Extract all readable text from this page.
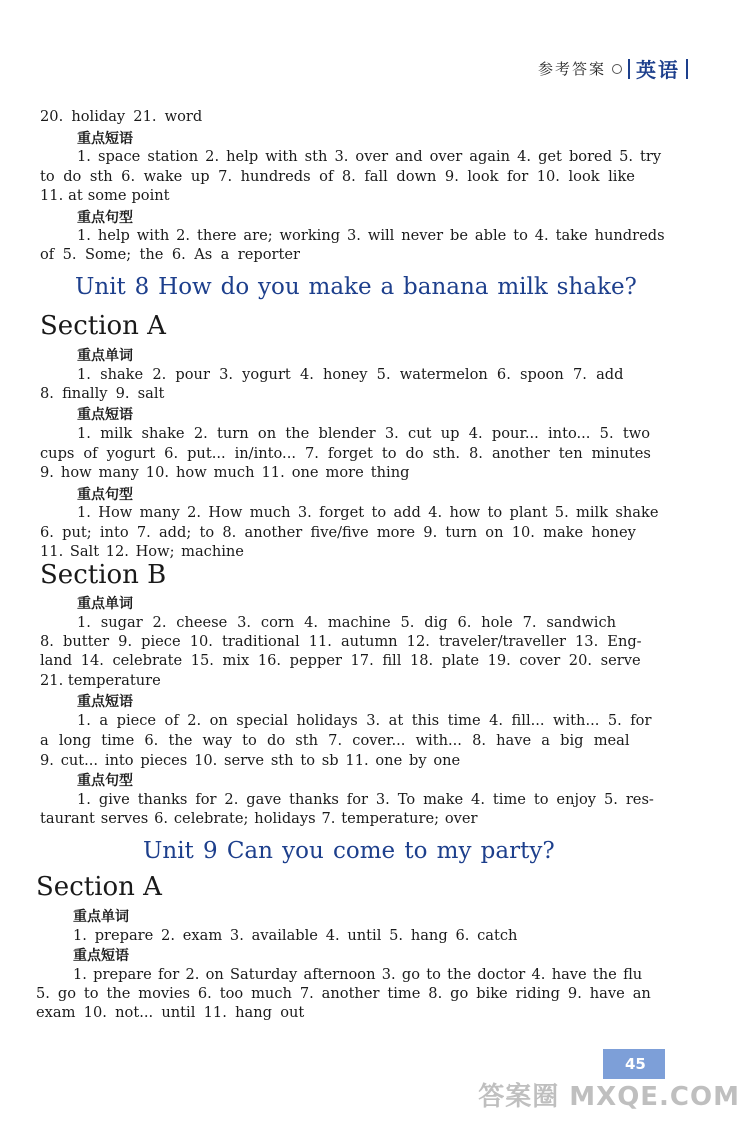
参考答案 英语
20. holiday 21. word
重点短语
1. space station 2. help with sth 3. over and over again 4. get bored 5. try
to do sth 6. wake up 7. hundreds of 8. fall down 9. look for 10. look like
11. at some point
重点句型
1. help with 2. there are; working 3. will never be able to 4. take hundreds
of 5. Some; the 6. As a reporter
Unit 8 How do you make a banana milk shake?
Section A
重点单词
1. shake 2. pour 3. yogurt 4. honey 5. watermelon 6. spoon 7. add
8. finally 9. salt
重点短语
1. milk shake 2. turn on the blender 3. cut up 4. pour... into... 5. two
cups of yogurt 6. put... in/into... 7. forget to do sth. 8. another ten minutes
9. how many 10. how much 11. one more thing
重点句型
1. How many 2. How much 3. forget to add 4. how to plant 5. milk shake
6. put; into 7. add; to 8. another five/five more 9. turn on 10. make honey
11. Salt 12. How; machine
Section B
重点单词
1. sugar 2. cheese 3. corn 4. machine 5. dig 6. hole 7. sandwich
8. butter 9. piece 10. traditional 11. autumn 12. traveler/traveller 13. Eng-
land 14. celebrate 15. mix 16. pepper 17. fill 18. plate 19. cover 20. serve
21. temperature
重点短语
1. a piece of 2. on special holidays 3. at this time 4. fill... with... 5. for
a long time 6. the way to do sth 7. cover... with... 8. have a big meal
9. cut... into pieces 10. serve sth to sb 11. one by one
重点句型
1. give thanks for 2. gave thanks for 3. To make 4. time to enjoy 5. res-
taurant serves 6. celebrate; holidays 7. temperature; over
Unit 9 Can you come to my party?
Section A
重点单词
1. prepare 2. exam 3. available 4. until 5. hang 6. catch
重点短语
1. prepare for 2. on Saturday afternoon 3. go to the doctor 4. have the flu
5. go to the movies 6. too much 7. another time 8. go bike riding 9. have an
exam 10. not... until 11. hang out
45
答案圈 MXQE.COM
